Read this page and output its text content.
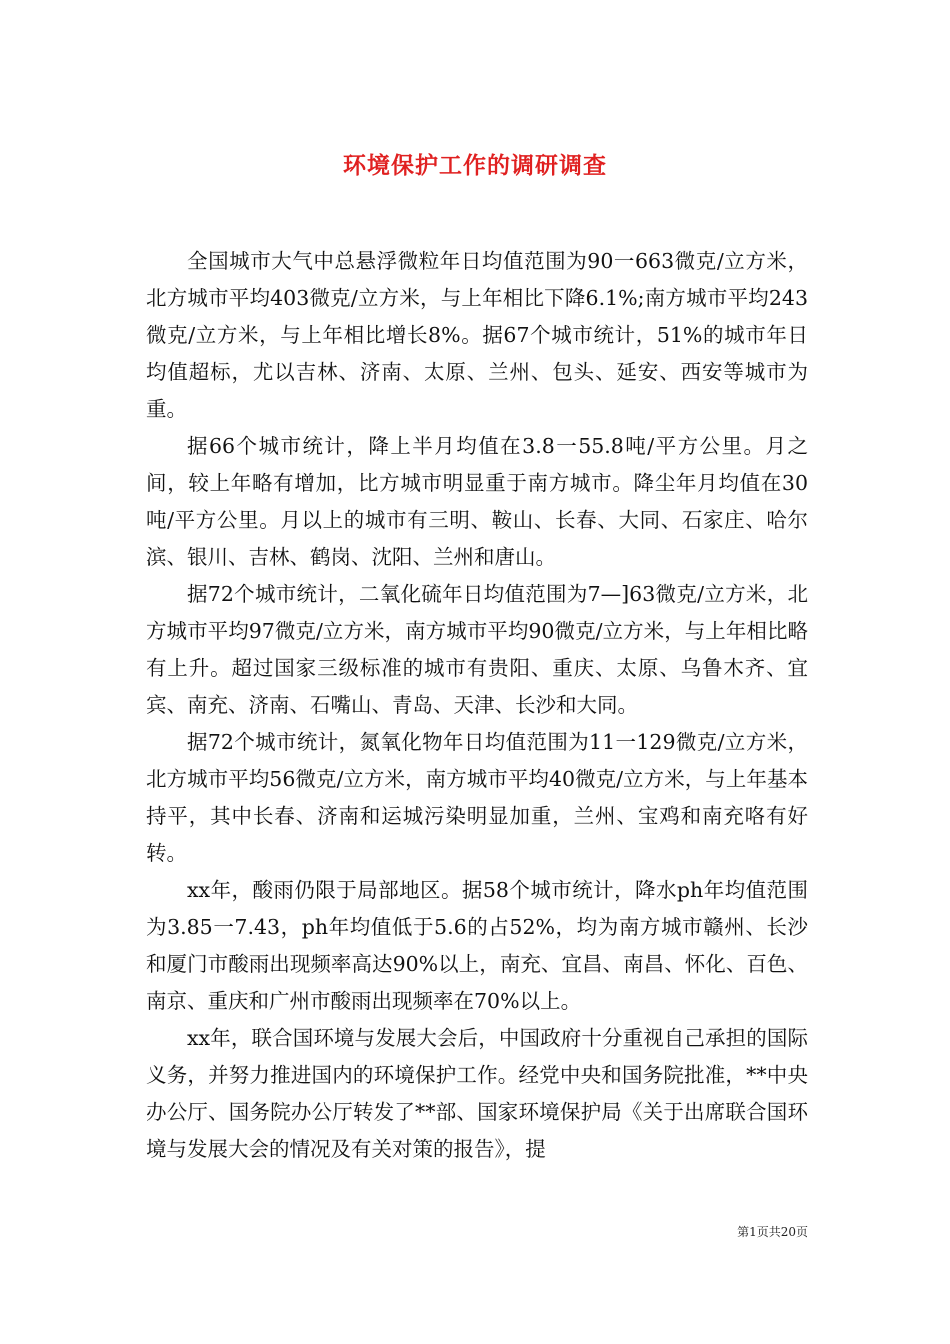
环境保护工作的调研调查

全国城市大气中总悬浮微粒年日均值范围为90一663微克/立方米，北方城市平均403微克/立方米，与上年相比下降6.1%;南方城市平均243微克/立方米，与上年相比增长8%。据67个城市统计，51%的城市年日均值超标，尤以吉林、济南、太原、兰州、包头、延安、西安等城市为重。

据66个城市统计，降上半月均值在3.8一55.8吨/平方公里。月之间，较上年略有增加，比方城市明显重于南方城市。降尘年月均值在30吨/平方公里。月以上的城市有三明、鞍山、长春、大同、石家庄、哈尔滨、银川、吉林、鹤岗、沈阳、兰州和唐山。

据72个城市统计，二氧化硫年日均值范围为7—]63微克/立方米，北方城市平均97微克/立方米，南方城市平均90微克/立方米，与上年相比略有上升。超过国家三级标准的城市有贵阳、重庆、太原、乌鲁木齐、宜宾、南充、济南、石嘴山、青岛、天津、长沙和大同。

据72个城市统计，氮氧化物年日均值范围为11一129微克/立方米，北方城市平均56微克/立方米，南方城市平均40微克/立方米，与上年基本持平，其中长春、济南和运城污染明显加重，兰州、宝鸡和南充咯有好转。

xx年，酸雨仍限于局部地区。据58个城市统计，降水ph年均值范围为3.85一7.43，ph年均值低于5.6的占52%，均为南方城市赣州、长沙和厦门市酸雨出现频率高达90%以上，南充、宜昌、南昌、怀化、百色、南京、重庆和广州市酸雨出现频率在70%以上。

xx年，联合国环境与发展大会后，中国政府十分重视自己承担的国际义务，并努力推进国内的环境保护工作。经党中央和国务院批准，**中央办公厅、国务院办公厅转发了**部、国家环境保护局《关于出席联合国环境与发展大会的情况及有关对策的报告》，提

第1页共20页
